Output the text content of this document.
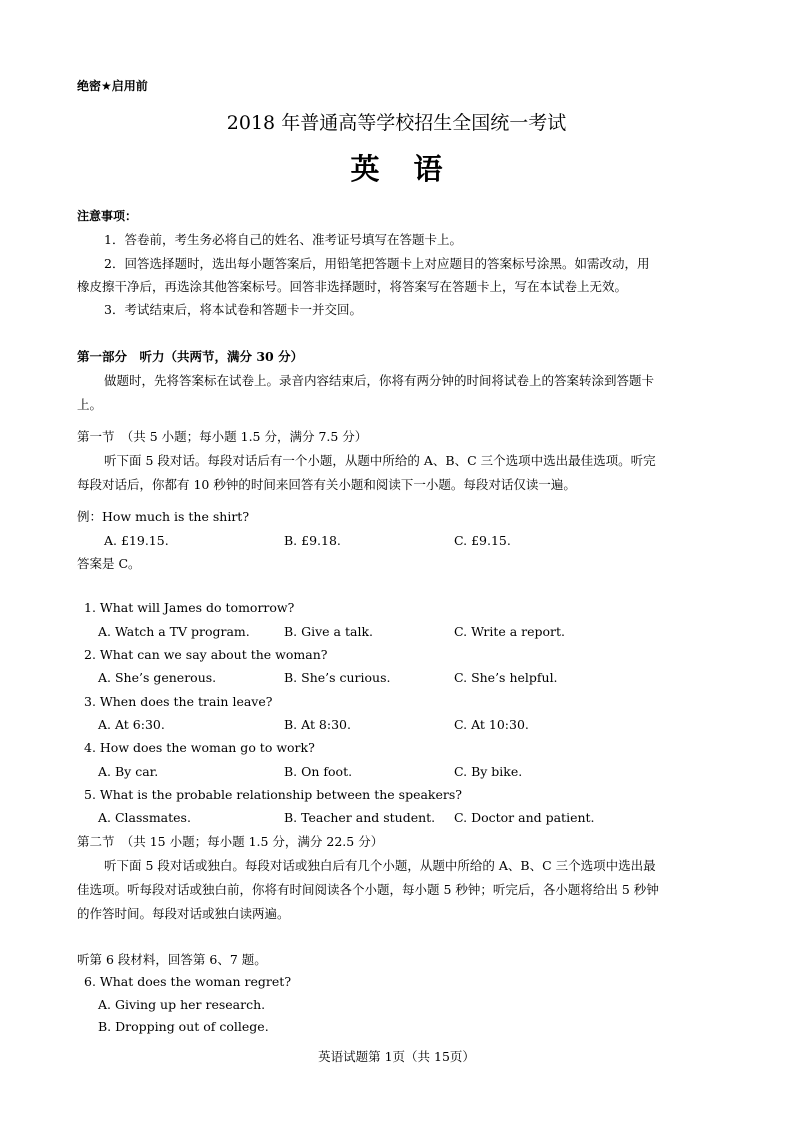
绝密★启用前
2018 年普通高等学校招生全国统一考试
英语
注意事项：
1．答卷前，考生务必将自己的姓名、准考证号填写在答题卡上。
2．回答选择题时，选出每小题答案后，用铅笔把答题卡上对应题目的答案标号涂黑。如需改动，用
橡皮擦干净后，再选涂其他答案标号。回答非选择题时，将答案写在答题卡上，写在本试卷上无效。
3．考试结束后，将本试卷和答题卡一并交回。
第一部分　听力（共两节，满分 30 分）
做题时，先将答案标在试卷上。录音内容结束后，你将有两分钟的时间将试卷上的答案转涂到答题卡
上。
第一节　（共 5 小题；每小题 1.5 分，满分 7.5 分）
听下面 5 段对话。每段对话后有一个小题，从题中所给的 A、B、C 三个选项中选出最佳选项。听完
每段对话后，你都有 10 秒钟的时间来回答有关小题和阅读下一小题。每段对话仅读一遍。
例：How much is the shirt?
A. £19.15.	B. £9.18.	C. £9.15.
答案是 C。
1. What will James do tomorrow?
A. Watch a TV program.	B. Give a talk.	C. Write a report.
2. What can we say about the woman?
A. She’s generous.	B. She’s curious.	C. She’s helpful.
3. When does the train leave?
A. At 6:30.	B. At 8:30.	C. At 10:30.
4. How does the woman go to work?
A. By car.	B. On foot.	C. By bike.
5. What is the probable relationship between the speakers?
A. Classmates.	B. Teacher and student. C. Doctor and patient.
第二节　（共 15 小题；每小题 1.5 分，满分 22.5 分）
听下面 5 段对话或独白。每段对话或独白后有几个小题，从题中所给的 A、B、C 三个选项中选出最
佳选项。听每段对话或独白前，你将有时间阅读各个小题，每小题 5 秒钟；听完后，各小题将给出 5 秒钟
的作答时间。每段对话或独白读两遍。
听第 6 段材料，回答第 6、7 题。
6. What does the woman regret?
A. Giving up her research.
B. Dropping out of college.
英语试题第 1页（共 15页）
